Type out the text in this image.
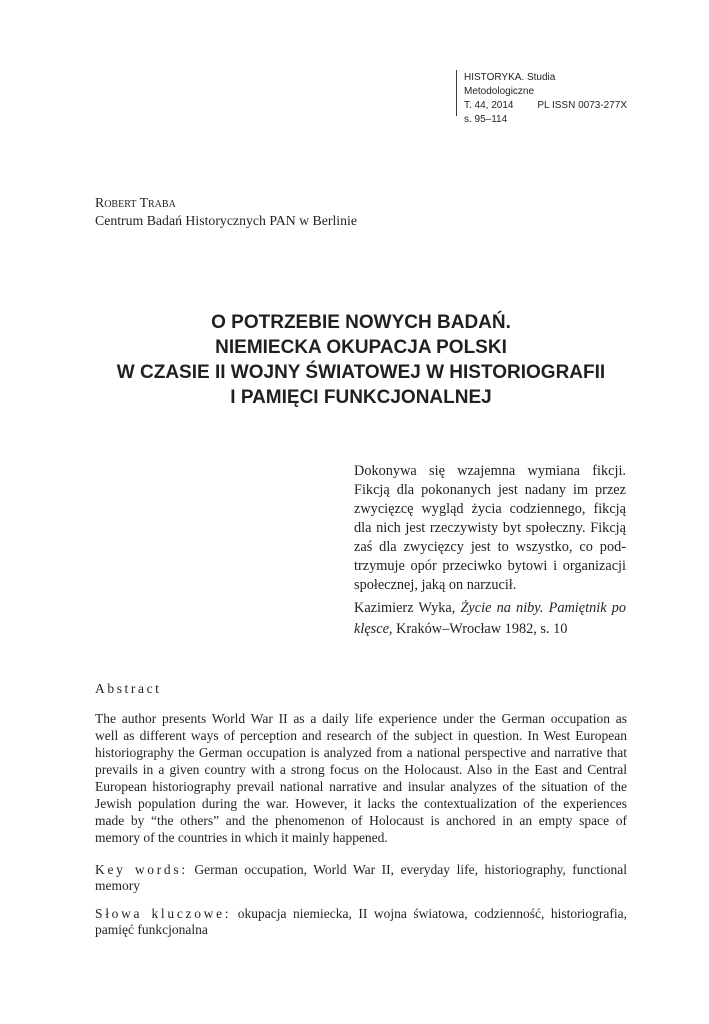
HISTORYKA. Studia Metodologiczne
T. 44, 2014 PL ISSN 0073-277X
s. 95–114
Robert Traba
Centrum Badań Historycznych PAN w Berlinie
O POTRZEBIE NOWYCH BADAŃ.
NIEMIECKA OKUPACJA POLSKI
W CZASIE II WOJNY ŚWIATOWEJ W HISTORIOGRAFII
I PAMIĘCI FUNKCJONALNEJ
Dokonywa się wzajemna wymiana fikcji.
Fikcją dla pokonanych jest nadany im przez
zwycięzcę wygląd życia codziennego, fikcją
dla nich jest rzeczywisty byt społeczny. Fikcją
zaś dla zwycięzcy jest to wszystko, co pod-
trzymuje opór przeciwko bytowi i organizacji
społecznej, jaką on narzucił.
Kazimierz Wyka, Życie na niby. Pamiętnik po
klęsce, Kraków–Wrocław 1982, s. 10
Abstract
The author presents World War II as a daily life experience under the German occupation as
well as different ways of perception and research of the subject in question. In West European
historiography the German occupation is analyzed from a national perspective and narrative that
prevails in a given country with a strong focus on the Holocaust. Also in the East and Central
European historiography prevail national narrative and insular analyzes of the situation of the
Jewish population during the war. However, it lacks the contextualization of the experiences
made by “the others” and the phenomenon of Holocaust is anchored in an empty space of
memory of the countries in which it mainly happened.
Key words: German occupation, World War II, everyday life, historiography, functional
memory
Słowa kluczowe: okupacja niemiecka, II wojna światowa, codzienność, historiografia,
pamięć funkcjonalna
